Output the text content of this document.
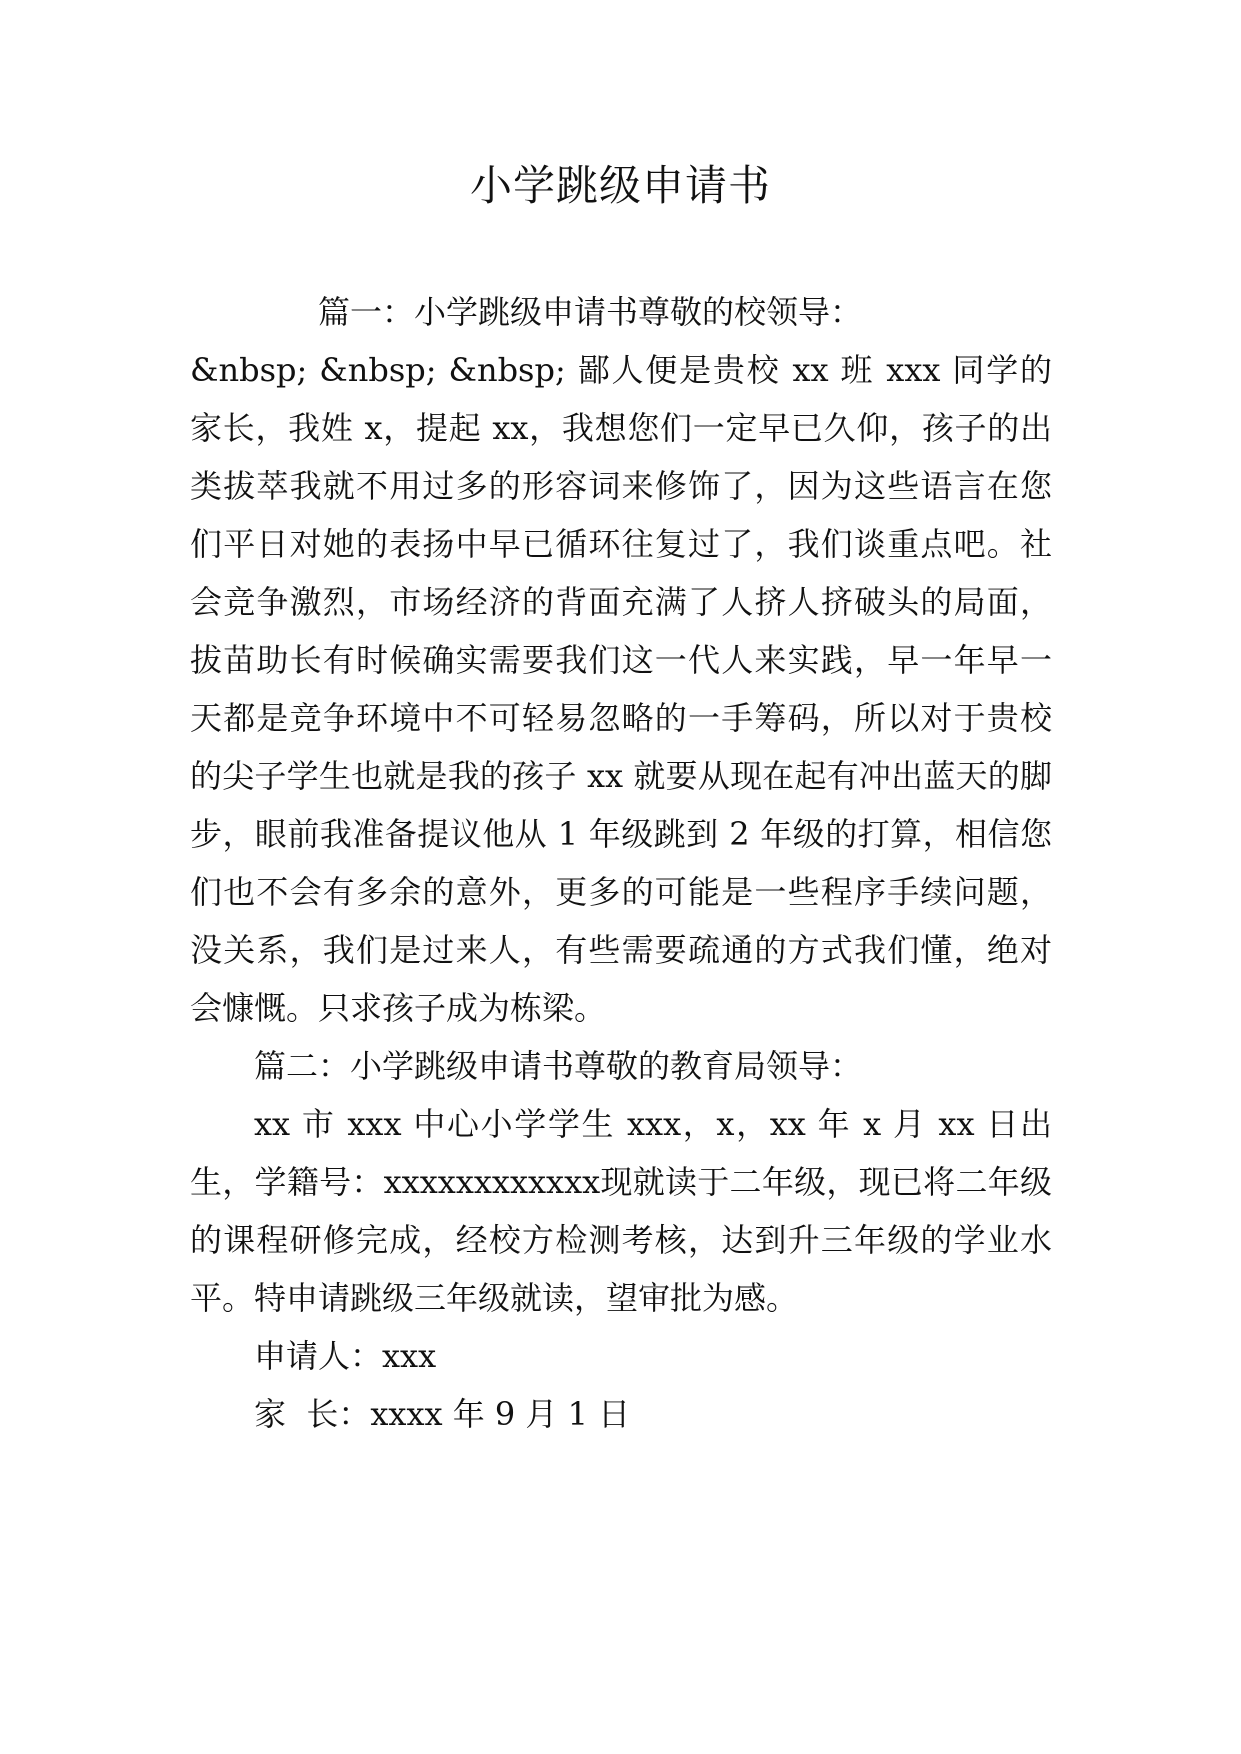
小学跳级申请书

篇一：小学跳级申请书尊敬的校领导：

&nbsp; &nbsp; &nbsp; 鄙人便是贵校 xx 班 xxx 同学的家长，我姓 x，提起 xx，我想您们一定早已久仰，孩子的出类拔萃我就不用过多的形容词来修饰了，因为这些语言在您们平日对她的表扬中早已循环往复过了，我们谈重点吧。社会竞争激烈，市场经济的背面充满了人挤人挤破头的局面，拔苗助长有时候确实需要我们这一代人来实践，早一年早一天都是竞争环境中不可轻易忽略的一手筹码，所以对于贵校的尖子学生也就是我的孩子 xx 就要从现在起有冲出蓝天的脚步，眼前我准备提议他从 1 年级跳到 2 年级的打算，相信您们也不会有多余的意外，更多的可能是一些程序手续问题，没关系，我们是过来人，有些需要疏通的方式我们懂，绝对会慷慨。只求孩子成为栋梁。

篇二：小学跳级申请书尊敬的教育局领导：

xx 市 xxx 中心小学学生 xxx，x，xx 年 x 月 xx 日出生，学籍号：xxxxxxxxxxxx现就读于二年级，现已将二年级的课程研修完成，经校方检测考核，达到升三年级的学业水平。特申请跳级三年级就读，望审批为感。

申请人：xxx

家  长：xxxx 年 9 月 1 日
